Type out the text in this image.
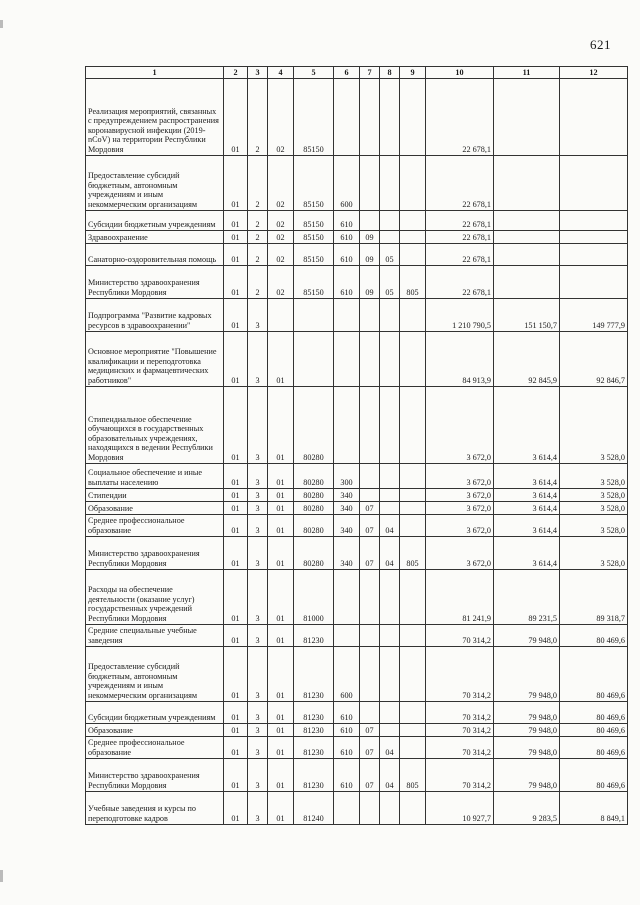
621
1	2	3	4	5	6	7	8	9	10	11	12
Реализация мероприятий, связанных с предупреждением распространения коронавирусной инфекции (2019-nCoV) на территории Республики Мордовия	01	2	02	85150					22 678,1		
Предоставление субсидий бюджетным, автономным учреждениям и иным некоммерческим организациям	01	2	02	85150	600				22 678,1		
Субсидии бюджетным учреждениям	01	2	02	85150	610				22 678,1		
Здравоохранение	01	2	02	85150	610	09			22 678,1		
Санаторно-оздоровительная помощь	01	2	02	85150	610	09	05		22 678,1		
Министерство здравоохранения Республики Мордовия	01	2	02	85150	610	09	05	805	22 678,1		
Подпрограмма "Развитие кадровых ресурсов в здравоохранении"	01	3							1 210 790,5	151 150,7	149 777,9
Основное мероприятие "Повышение квалификации и переподготовка медицинских и фармацевтических работников"	01	3	01						84 913,9	92 845,9	92 846,7
Стипендиальное обеспечение обучающихся в государственных образовательных учреждениях, находящихся в ведении Республики Мордовия	01	3	01	80280					3 672,0	3 614,4	3 528,0
Социальное обеспечение и иные выплаты населению	01	3	01	80280	300				3 672,0	3 614,4	3 528,0
Стипендии	01	3	01	80280	340				3 672,0	3 614,4	3 528,0
Образование	01	3	01	80280	340	07			3 672,0	3 614,4	3 528,0
Среднее профессиональное образование	01	3	01	80280	340	07	04		3 672,0	3 614,4	3 528,0
Министерство здравоохранения Республики Мордовия	01	3	01	80280	340	07	04	805	3 672,0	3 614,4	3 528,0
Расходы на обеспечение деятельности (оказание услуг) государственных учреждений Республики Мордовия	01	3	01	81000					81 241,9	89 231,5	89 318,7
Средние специальные учебные заведения	01	3	01	81230					70 314,2	79 948,0	80 469,6
Предоставление субсидий бюджетным, автономным учреждениям и иным некоммерческим организациям	01	3	01	81230	600				70 314,2	79 948,0	80 469,6
Субсидии бюджетным учреждениям	01	3	01	81230	610				70 314,2	79 948,0	80 469,6
Образование	01	3	01	81230	610	07			70 314,2	79 948,0	80 469,6
Среднее профессиональное образование	01	3	01	81230	610	07	04		70 314,2	79 948,0	80 469,6
Министерство здравоохранения Республики Мордовия	01	3	01	81230	610	07	04	805	70 314,2	79 948,0	80 469,6
Учебные заведения и курсы по переподготовке кадров	01	3	01	81240					10 927,7	9 283,5	8 849,1
